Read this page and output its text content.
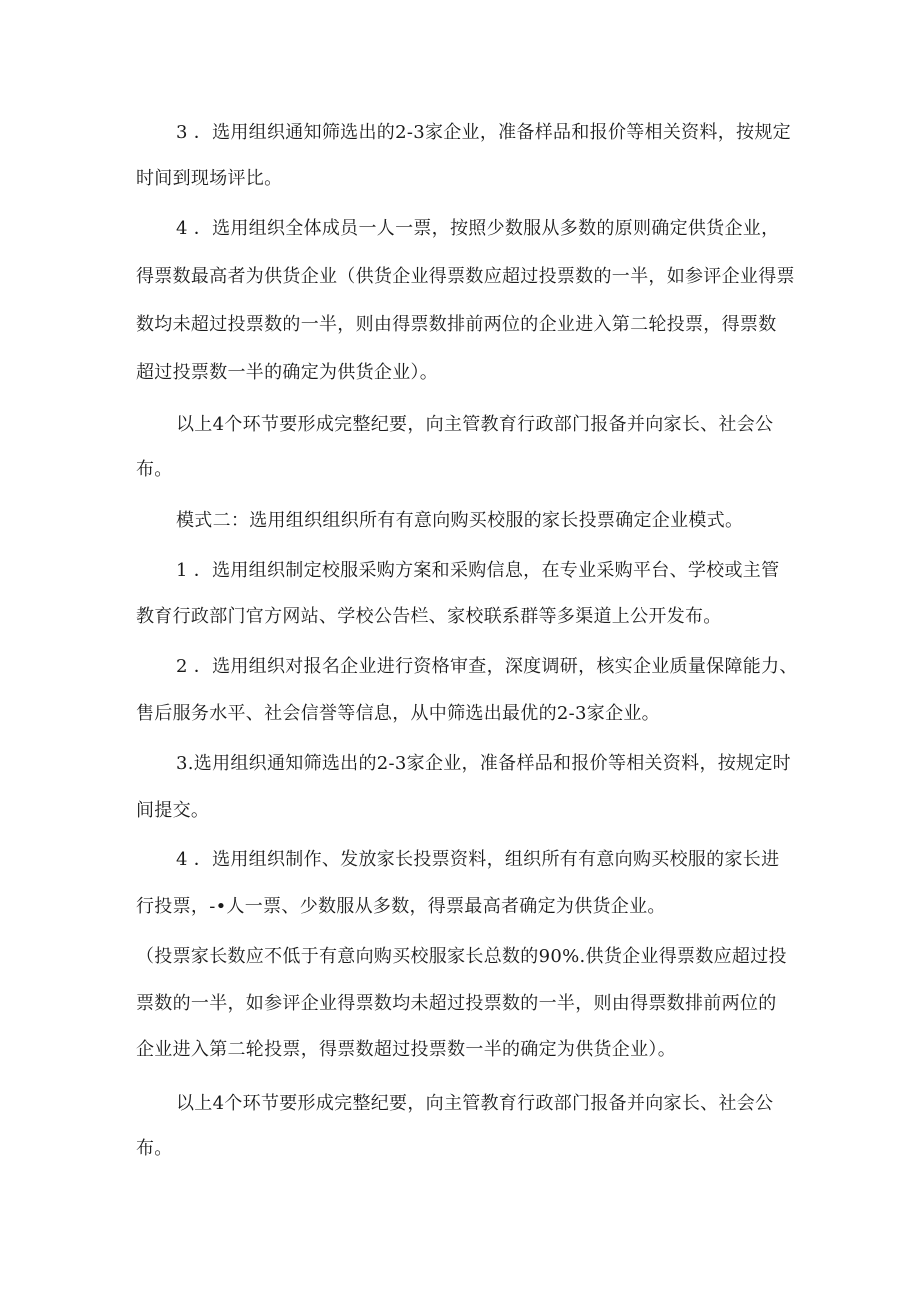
3 ．选用组织通知筛选出的2-3家企业，准备样品和报价等相关资料，按规定
时间到现场评比。
4 ．选用组织全体成员一人一票，按照少数服从多数的原则确定供货企业，
得票数最高者为供货企业（供货企业得票数应超过投票数的一半，如参评企业得票
数均未超过投票数的一半，则由得票数排前两位的企业进入第二轮投票，得票数
超过投票数一半的确定为供货企业）。
以上4个环节要形成完整纪要，向主管教育行政部门报备并向家长、社会公
布。
模式二：选用组织组织所有有意向购买校服的家长投票确定企业模式。
1 ．选用组织制定校服采购方案和采购信息，在专业采购平台、学校或主管
教育行政部门官方网站、学校公告栏、家校联系群等多渠道上公开发布。
2 ．选用组织对报名企业进行资格审查，深度调研，核实企业质量保障能力、
售后服务水平、社会信誉等信息，从中筛选出最优的2-3家企业。
3.选用组织通知筛选出的2-3家企业，准备样品和报价等相关资料，按规定时
间提交。
4 ．选用组织制作、发放家长投票资料，组织所有有意向购买校服的家长进
行投票，-•人一票、少数服从多数，得票最高者确定为供货企业。
（投票家长数应不低于有意向购买校服家长总数的90%.供货企业得票数应超过投
票数的一半，如参评企业得票数均未超过投票数的一半，则由得票数排前两位的
企业进入第二轮投票，得票数超过投票数一半的确定为供货企业）。
以上4个环节要形成完整纪要，向主管教育行政部门报备并向家长、社会公
布。
